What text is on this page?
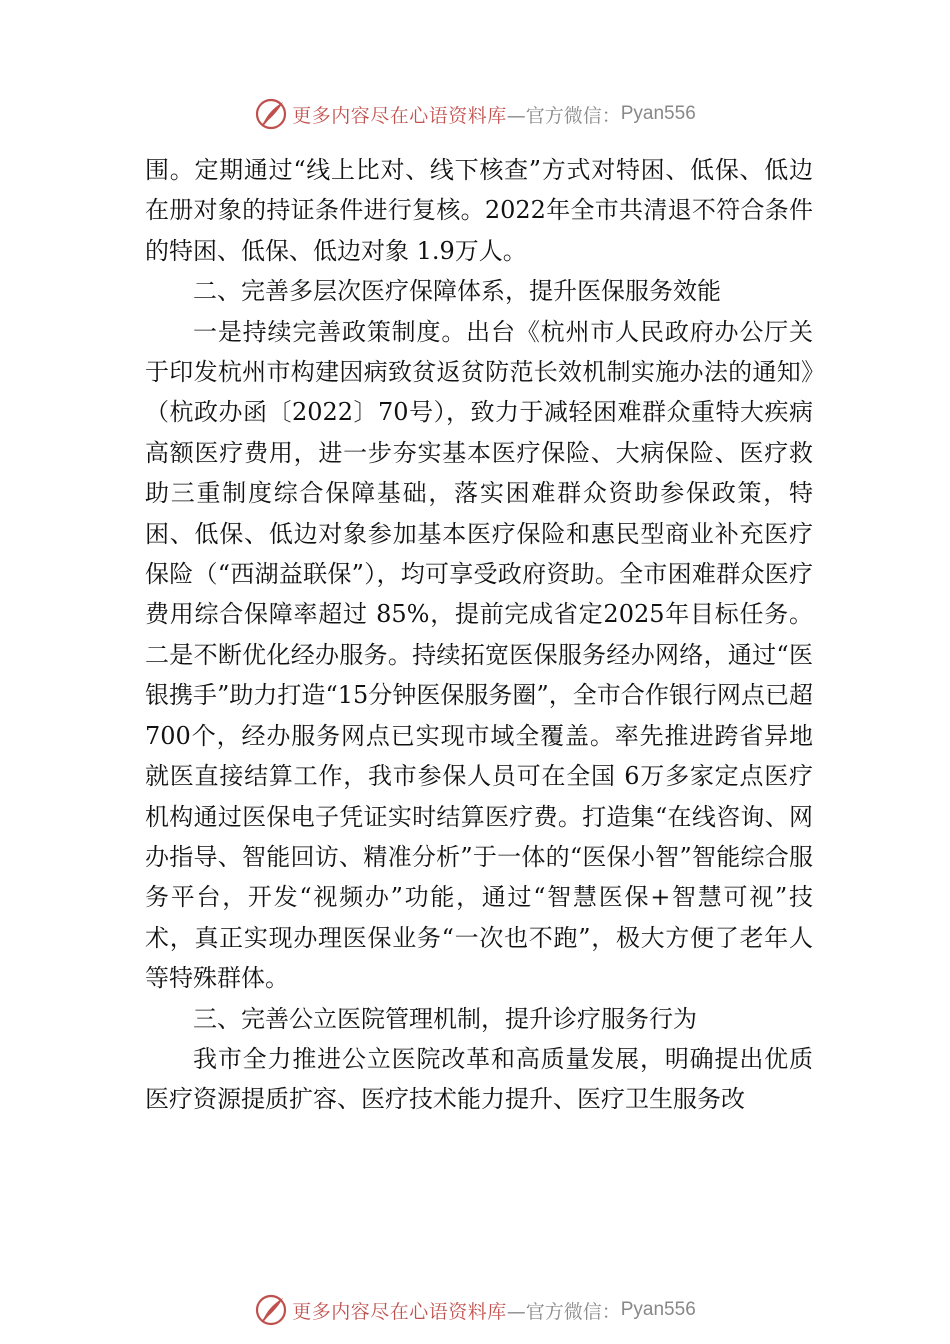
更多内容尽在心语资料库 —官方微信： Pyan556

围。定期通过“线上比对、线下核查”方式对特困、低保、低边在册对象的持证条件进行复核。2022年全市共清退不符合条件的特困、低保、低边对象 1.9万人。

二、完善多层次医疗保障体系，提升医保服务效能

一是持续完善政策制度。出台《杭州市人民政府办公厅关于印发杭州市构建因病致贫返贫防范长效机制实施办法的通知》（杭政办函〔2022〕70号），致力于减轻困难群众重特大疾病高额医疗费用，进一步夯实基本医疗保险、大病保险、医疗救助三重制度综合保障基础，落实困难群众资助参保政策，特困、低保、低边对象参加基本医疗保险和惠民型商业补充医疗保险（“西湖益联保”），均可享受政府资助。全市困难群众医疗费用综合保障率超过 85%，提前完成省定2025年目标任务。二是不断优化经办服务。持续拓宽医保服务经办网络，通过“医银携手”助力打造“15分钟医保服务圈”，全市合作银行网点已超 700个，经办服务网点已实现市域全覆盖。率先推进跨省异地就医直接结算工作，我市参保人员可在全国 6万多家定点医疗机构通过医保电子凭证实时结算医疗费。打造集“在线咨询、网办指导、智能回访、精准分析”于一体的“医保小智”智能综合服务平台，开发“视频办”功能，通过“智慧医保+智慧可视”技术，真正实现办理医保业务“一次也不跑”，极大方便了老年人等特殊群体。

三、完善公立医院管理机制，提升诊疗服务行为

我市全力推进公立医院改革和高质量发展，明确提出优质医疗资源提质扩容、医疗技术能力提升、医疗卫生服务改

更多内容尽在心语资料库 —官方微信： Pyan556
